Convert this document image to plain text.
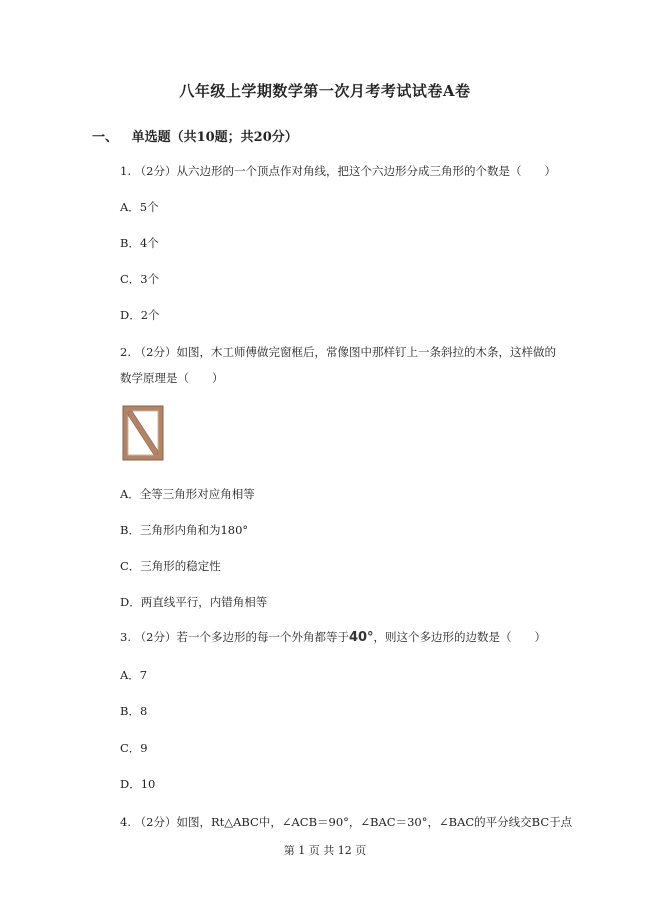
八年级上学期数学第一次月考考试试卷A卷
一、 单选题（共10题；共20分）
1. （2分）从六边形的一个顶点作对角线，把这个六边形分成三角形的个数是（　　）
A．5个
B．4个
C．3个
D．2个
2. （2分）如图，木工师傅做完窗框后，常像图中那样钉上一条斜拉的木条，这样做的
数学原理是（　　）
A．全等三角形对应角相等
B．三角形内角和为180°
C．三角形的稳定性
D．两直线平行，内错角相等
3. （2分）若一个多边形的每一个外角都等于40°，则这个多边形的边数是（　　）
A．7
B．8
C．9
D．10
4. （2分）如图，Rt△ABC中，∠ACB＝90°，∠BAC＝30°，∠BAC的平分线交BC于点
第 1 页 共 12 页
